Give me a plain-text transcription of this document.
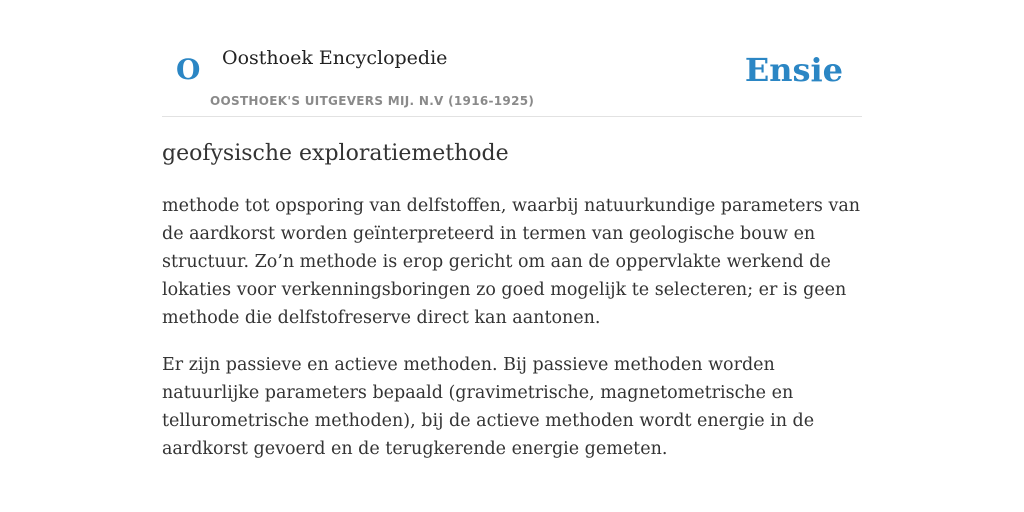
O Oosthoek Encyclopedie
OOSTHOEK'S UITGEVERS MIJ. N.V (1916-1925)
Ensie
geofysische exploratiemethode

methode tot opsporing van delfstoffen, waarbij natuurkundige parameters van de aardkorst worden geïnterpreteerd in termen van geologische bouw en structuur. Zo’n methode is erop gericht om aan de oppervlakte werkend de lokaties voor verkenningsboringen zo goed mogelijk te selecteren; er is geen methode die delfstofreserve direct kan aantonen.

Er zijn passieve en actieve methoden. Bij passieve methoden worden natuurlijke parameters bepaald (gravimetrische, magnetometrische en tellurometrische methoden), bij de actieve methoden wordt energie in de aardkorst gevoerd en de terugkerende energie gemeten.
